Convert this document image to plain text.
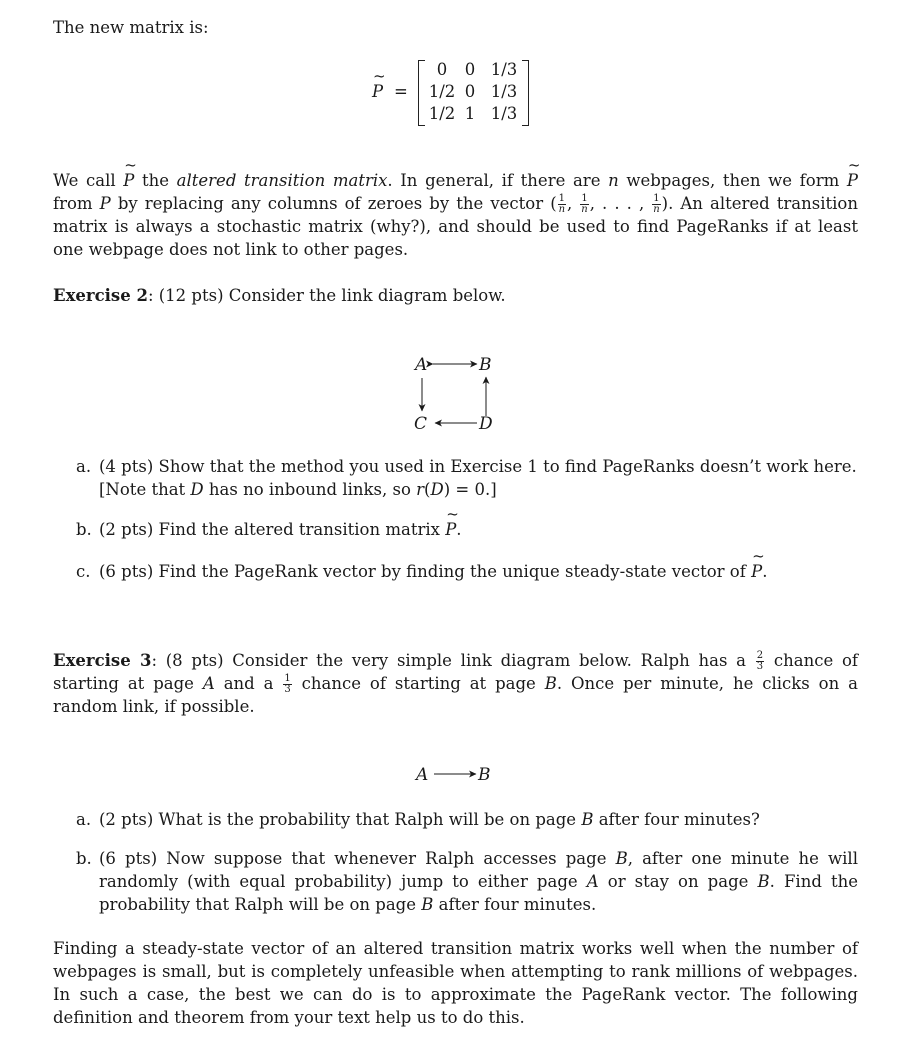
The new matrix is:
~ P =
0	0 1/3
1/2 0 1/3
1/2 1 1/3
We call ~ P the altered transition matrix. In general, if there are n webpages, then we form ~ P from P by replacing any columns of zeroes by the vector ( $\frac{1}{n}$ , $\frac{1}{n}$ , . . . , $\frac{1}{n}$ ). An altered transition matrix is always a stochastic matrix (why?), and should be used to find PageRanks if at least one webpage does not link to other pages.
Exercise 2: (12 pts) Consider the link diagram below.
A	B
C	D
a. (4 pts) Show that the method you used in Exercise 1 to find PageRanks doesn’t work here.
[Note that D has no inbound links, so r(D) = 0.]
b. (2 pts) Find the altered transition matrix ~ P.
c. (6 pts) Find the PageRank vector by finding the unique steady-state vector of ~ P.
Exercise 3: (8 pts) Consider the very simple link diagram below. Ralph has a $\frac{2}{3}$ chance of starting at page A and a $\frac{1}{3}$ chance of starting at page B. Once per minute, he clicks on a random link, if possible.
A	B
a. (2 pts) What is the probability that Ralph will be on page B after four minutes?
b. (6 pts) Now suppose that whenever Ralph accesses page B, after one minute he will randomly (with equal probability) jump to either page A or stay on page B. Find the probability that Ralph will be on page B after four minutes.
Finding a steady-state vector of an altered transition matrix works well when the number of webpages is small, but is completely unfeasible when attempting to rank millions of webpages. In such a case, the best we can do is to approximate the PageRank vector. The following definition and theorem from your text help us to do this.
